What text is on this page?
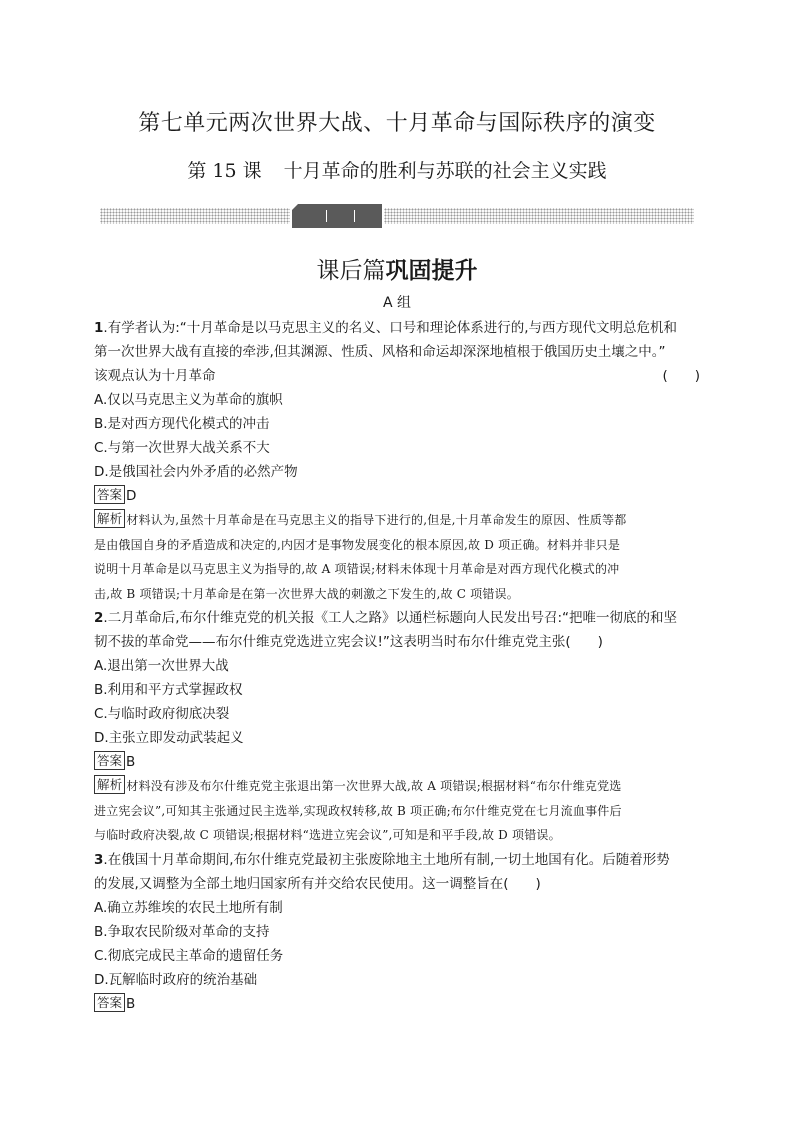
第七单元两次世界大战、十月革命与国际秩序的演变
第 15 课 十月革命的胜利与苏联的社会主义实践
课后篇巩固提升
A 组
1.有学者认为:“十月革命是以马克思主义的名义、口号和理论体系进行的,与西方现代文明总危机和
第一次世界大战有直接的牵涉,但其渊源、性质、风格和命运却深深地植根于俄国历史土壤之中。”
该观点认为十月革命	(　　)
A.仅以马克思主义为革命的旗帜
B.是对西方现代化模式的冲击
C.与第一次世界大战关系不大
D.是俄国社会内外矛盾的必然产物
答案 D
解析 材料认为,虽然十月革命是在马克思主义的指导下进行的,但是,十月革命发生的原因、性质等都
是由俄国自身的矛盾造成和决定的,内因才是事物发展变化的根本原因,故 D 项正确。材料并非只是
说明十月革命是以马克思主义为指导的,故 A 项错误;材料未体现十月革命是对西方现代化模式的冲
击,故 B 项错误;十月革命是在第一次世界大战的刺激之下发生的,故 C 项错误。
2.二月革命后,布尔什维克党的机关报《工人之路》以通栏标题向人民发出号召:“把唯一彻底的和坚
韧不拔的革命党——布尔什维克党选进立宪会议!”这表明当时布尔什维克党主张(　　)
A.退出第一次世界大战
B.利用和平方式掌握政权
C.与临时政府彻底决裂
D.主张立即发动武装起义
答案 B
解析 材料没有涉及布尔什维克党主张退出第一次世界大战,故 A 项错误;根据材料“布尔什维克党选
进立宪会议”,可知其主张通过民主选举,实现政权转移,故 B 项正确;布尔什维克党在七月流血事件后
与临时政府决裂,故 C 项错误;根据材料“选进立宪会议”,可知是和平手段,故 D 项错误。
3.在俄国十月革命期间,布尔什维克党最初主张废除地主土地所有制,一切土地国有化。后随着形势
的发展,又调整为全部土地归国家所有并交给农民使用。这一调整旨在(　　)
A.确立苏维埃的农民土地所有制
B.争取农民阶级对革命的支持
C.彻底完成民主革命的遗留任务
D.瓦解临时政府的统治基础
答案 B
